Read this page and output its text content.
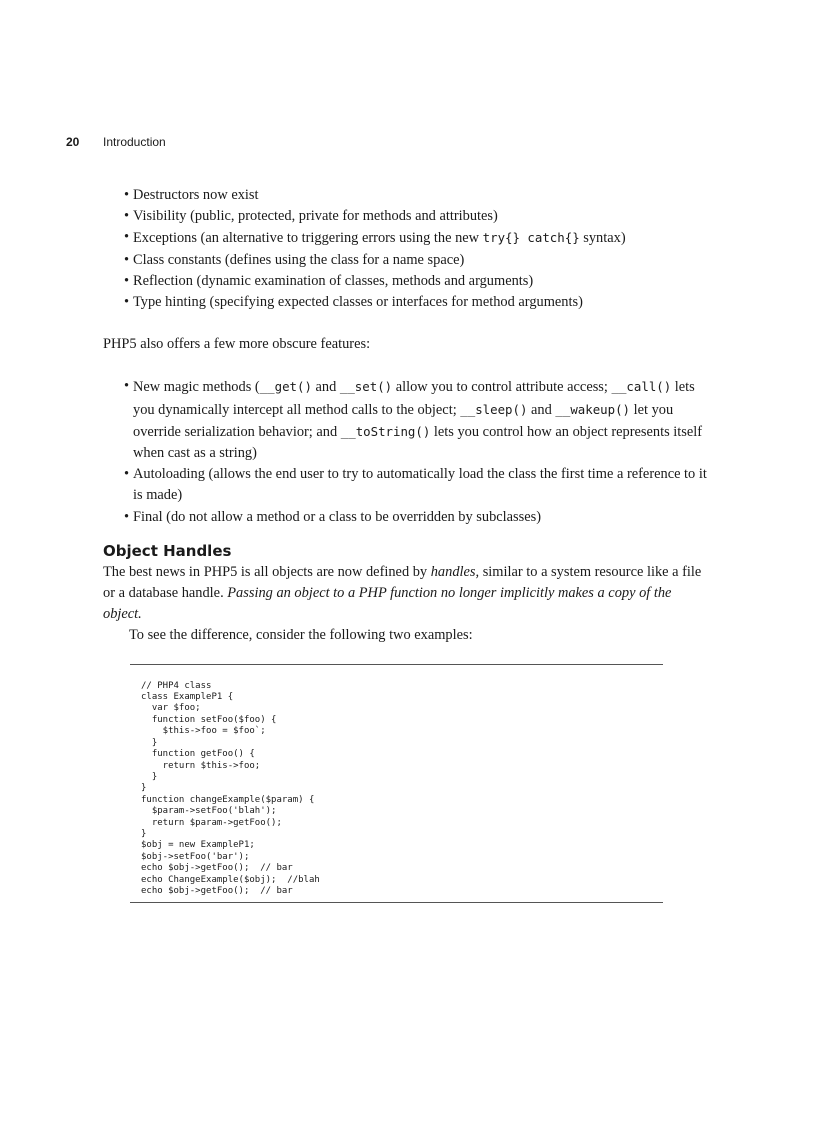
20 Introduction
• Destructors now exist
• Visibility (public, protected, private for methods and attributes)
• Exceptions (an alternative to triggering errors using the new try{} catch{} syntax)
• Class constants (defines using the class for a name space)
• Reflection (dynamic examination of classes, methods and arguments)
• Type hinting (specifying expected classes or interfaces for method arguments)

PHP5 also offers a few more obscure features:

• New magic methods (__get() and __set() allow you to control attribute access; __call() lets you dynamically intercept all method calls to the object; __sleep() and __wakeup() let you override serialization behavior; and __toString() lets you control how an object represents itself when cast as a string)
• Autoloading (allows the end user to try to automatically load the class the first time a reference to it is made)
• Final (do not allow a method or a class to be overridden by subclasses)
Object Handles

The best news in PHP5 is all objects are now defined by handles, similar to a system resource like a file or a database handle. Passing an object to a PHP function no longer implicitly makes a copy of the object.

To see the difference, consider the following two examples:

// PHP4 class
class ExampleP1 {
var $foo;
function setFoo($foo) {
$this->foo = $foo`;
}
function getFoo() {
return $this->foo;
}
}
function changeExample($param) {
$param->setFoo('blah');
return $param->getFoo();
}
$obj = new ExampleP1;
$obj->setFoo('bar');
echo $obj->getFoo();  // bar
echo ChangeExample($obj);  //blah
echo $obj->getFoo();  // bar
